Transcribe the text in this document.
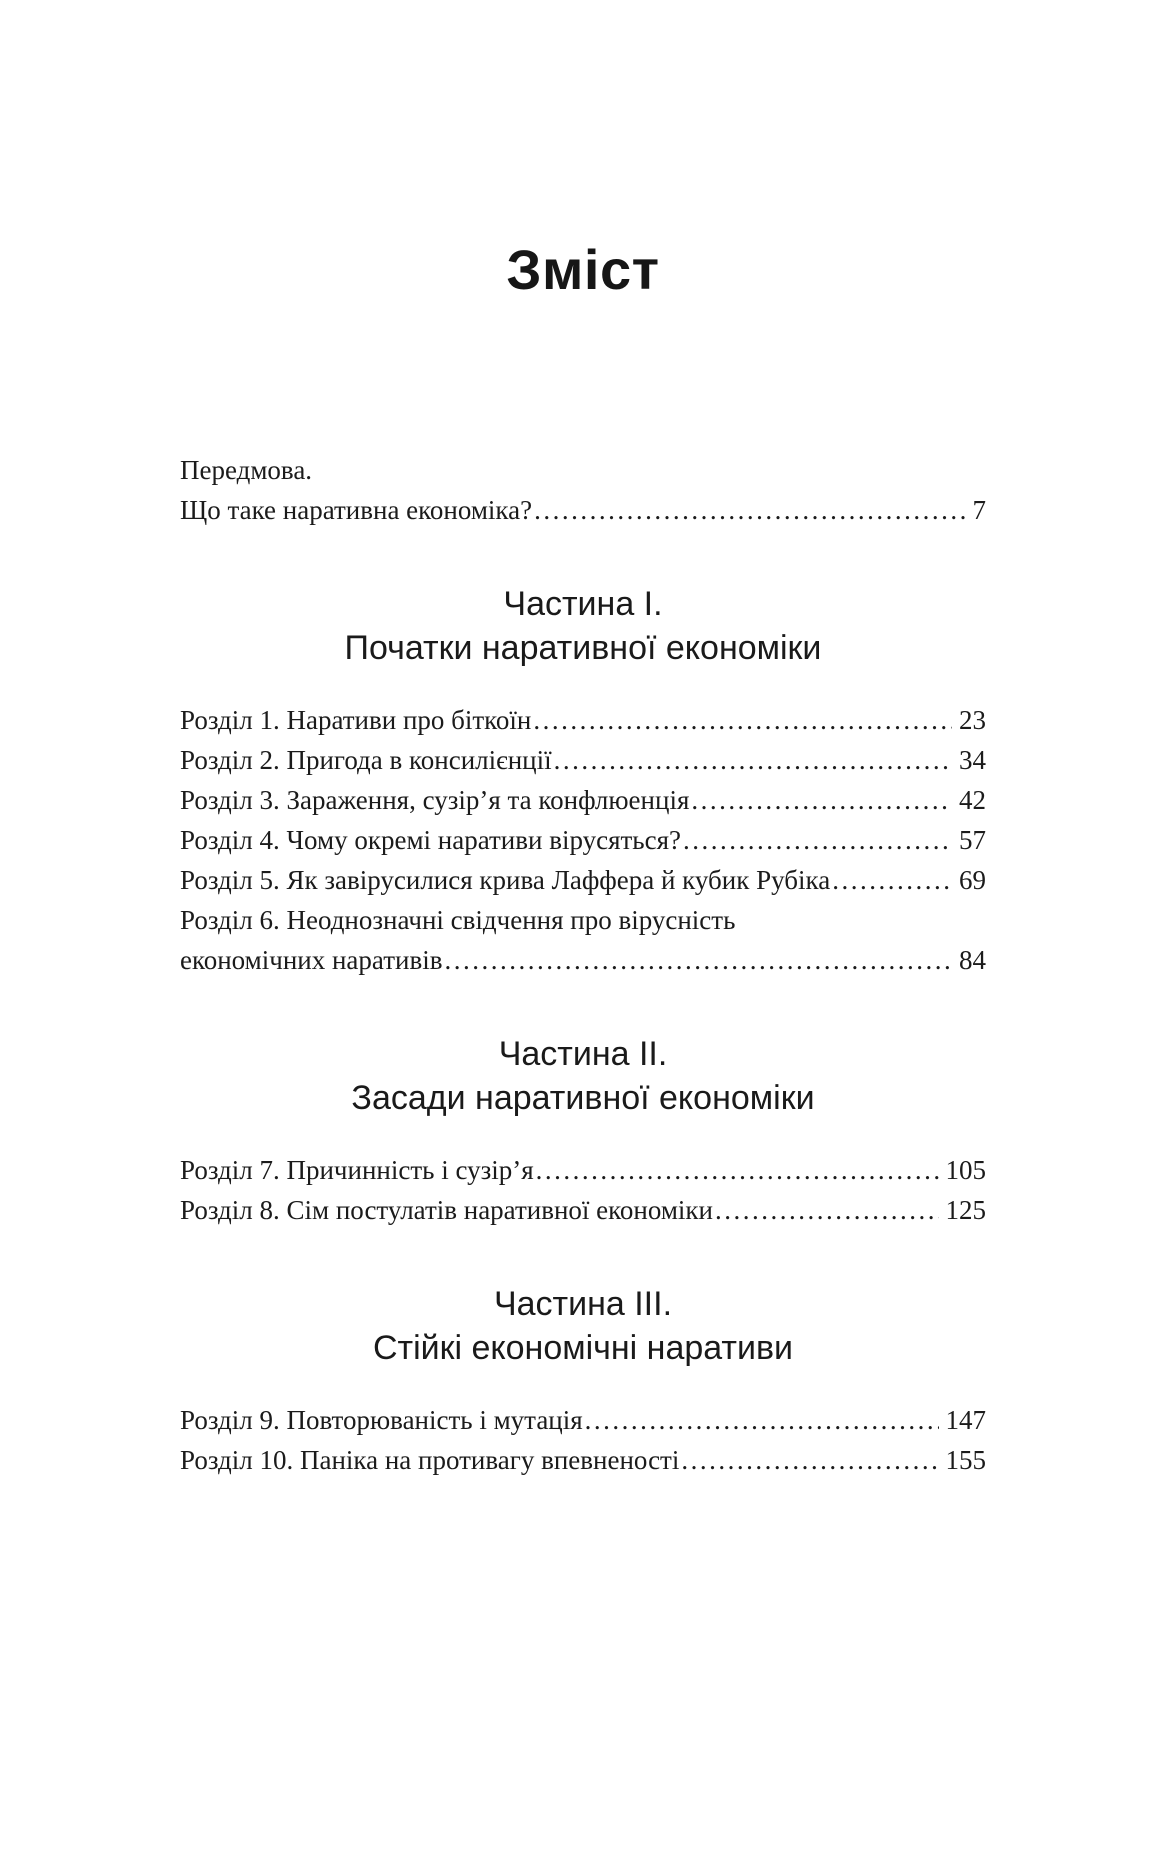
Зміст
Передмова.
Що таке наративна економіка? .....	7
Частина І.
Початки наративної економіки
Розділ 1. Наративи про біткоїн .....	23
Розділ 2. Пригода в консилієнції .....	34
Розділ 3. Зараження, сузір’я та конфлюенція .....	42
Розділ 4. Чому окремі наративи вірусяться? .....	57
Розділ 5. Як завірусилися крива Лаффера й кубик Рубіка .....	69
Розділ 6. Неоднозначні свідчення про вірусність
економічних наративів .....	84
Частина ІІ.
Засади наративної економіки
Розділ 7. Причинність і сузір’я .....	105
Розділ 8. Сім постулатів наративної економіки .....	125
Частина ІІІ.
Стійкі економічні наративи
Розділ 9. Повторюваність і мутація .....	147
Розділ 10. Паніка на противагу впевненості .....	155
